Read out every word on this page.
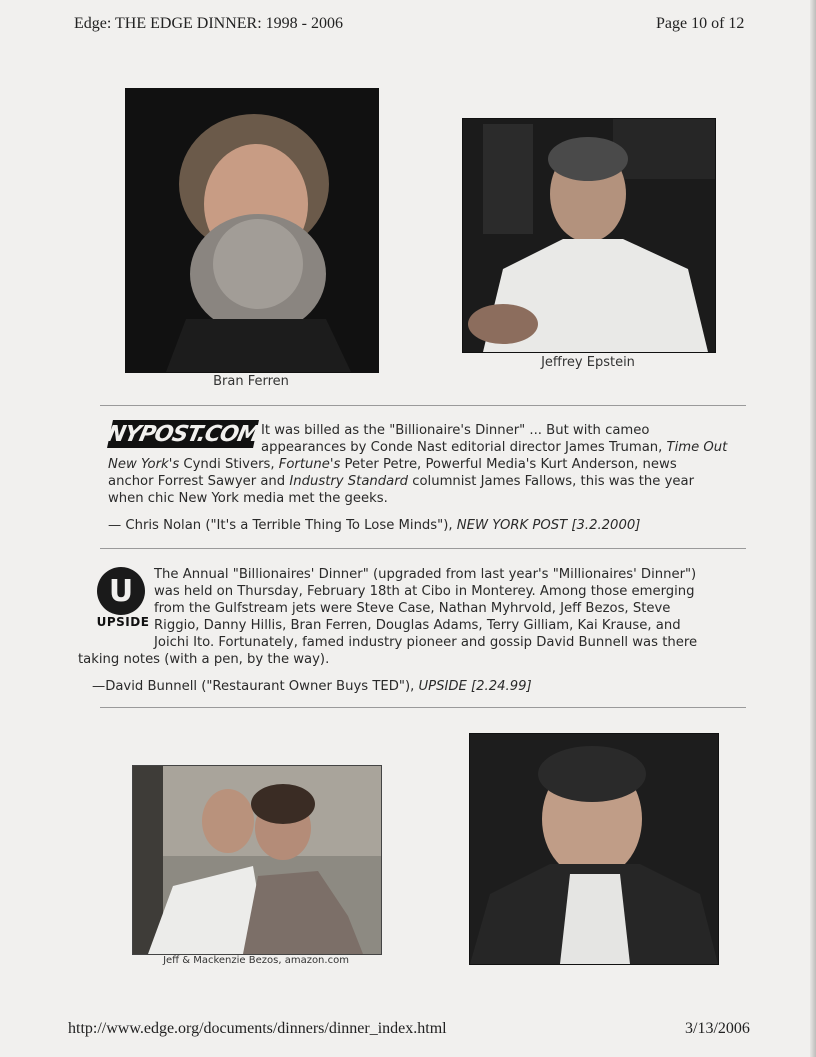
Edge: THE EDGE DINNER: 1998 - 2006	Page 10 of 12
Bran Ferren
Jeffrey Epstein
NYPOST.COM It was billed as the "Billionaire's Dinner" ... But with cameo
appearances by Conde Nast editorial director James Truman, Time Out
New York's Cyndi Stivers, Fortune's Peter Petre, Powerful Media's Kurt Anderson, news
anchor Forrest Sawyer and Industry Standard columnist James Fallows, this was the year
when chic New York media met the geeks.
— Chris Nolan ("It's a Terrible Thing To Lose Minds"), NEW YORK POST [3.2.2000]
U
UPSIDE
The Annual "Billionaires' Dinner" (upgraded from last year's "Millionaires' Dinner")
was held on Thursday, February 18th at Cibo in Monterey. Among those emerging
from the Gulfstream jets were Steve Case, Nathan Myhrvold, Jeff Bezos, Steve
Riggio, Danny Hillis, Bran Ferren, Douglas Adams, Terry Gilliam, Kai Krause, and
Joichi Ito. Fortunately, famed industry pioneer and gossip David Bunnell was there
taking notes (with a pen, by the way).
—David Bunnell ("Restaurant Owner Buys TED"), UPSIDE [2.24.99]
Jeff & Mackenzie Bezos, amazon.com
http://www.edge.org/documents/dinners/dinner_index.html	3/13/2006
